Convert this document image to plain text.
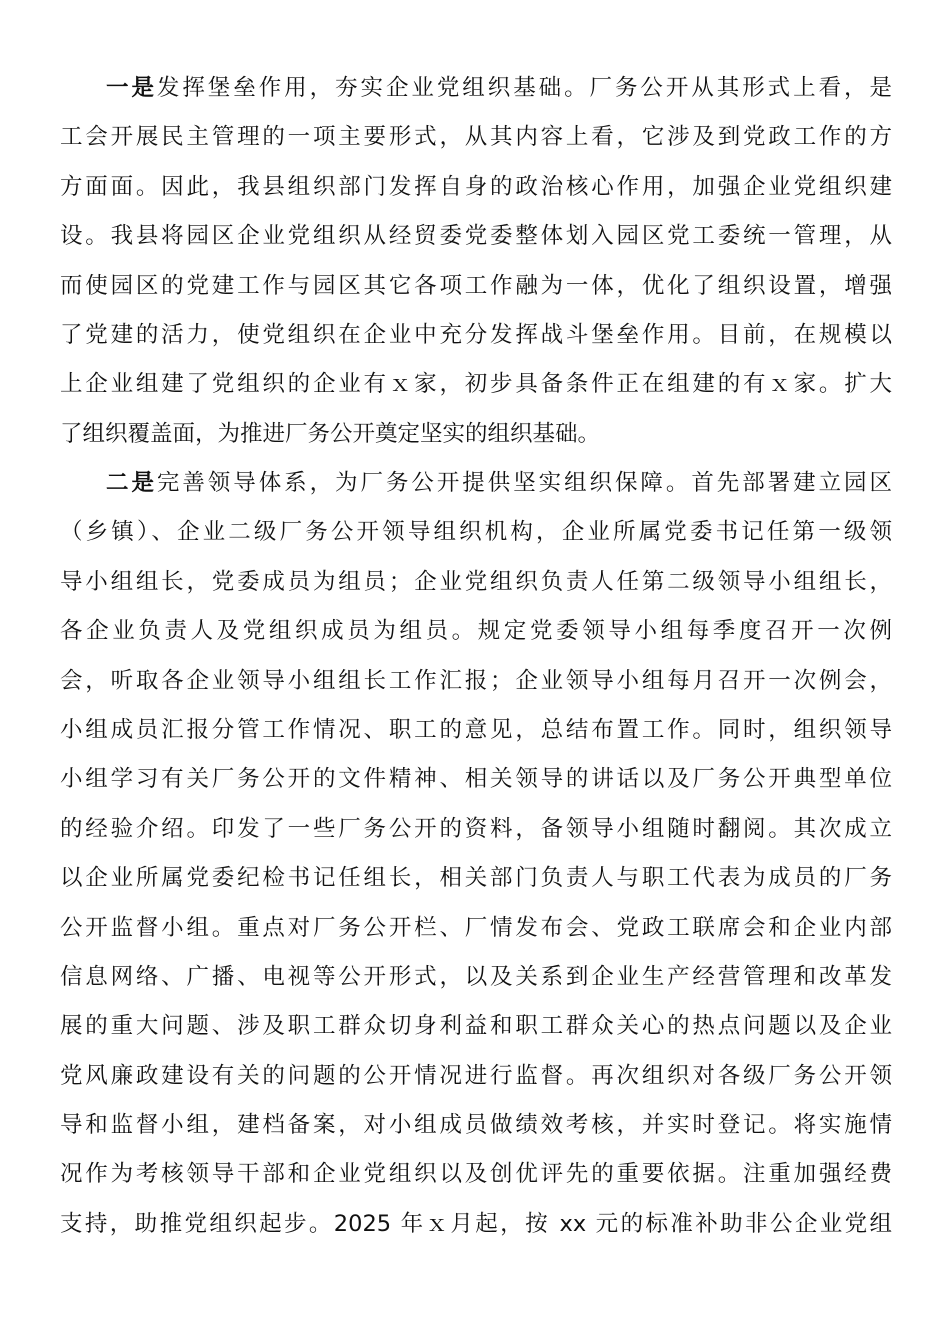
一是发挥堡垒作用，夯实企业党组织基础。厂务公开从其形式上看，是
工会开展民主管理的一项主要形式，从其内容上看，它涉及到党政工作的方
方面面。因此，我县组织部门发挥自身的政治核心作用，加强企业党组织建
设。我县将园区企业党组织从经贸委党委整体划入园区党工委统一管理，从
而使园区的党建工作与园区其它各项工作融为一体，优化了组织设置，增强
了党建的活力，使党组织在企业中充分发挥战斗堡垒作用。目前，在规模以
上企业组建了党组织的企业有ｘ家，初步具备条件正在组建的有ｘ家。扩大
了组织覆盖面，为推进厂务公开奠定坚实的组织基础。
二是完善领导体系，为厂务公开提供坚实组织保障。首先部署建立园区
（乡镇）、企业二级厂务公开领导组织机构，企业所属党委书记任第一级领
导小组组长，党委成员为组员；企业党组织负责人任第二级领导小组组长，
各企业负责人及党组织成员为组员。规定党委领导小组每季度召开一次例
会，听取各企业领导小组组长工作汇报；企业领导小组每月召开一次例会，
小组成员汇报分管工作情况、职工的意见，总结布置工作。同时，组织领导
小组学习有关厂务公开的文件精神、相关领导的讲话以及厂务公开典型单位
的经验介绍。印发了一些厂务公开的资料，备领导小组随时翻阅。其次成立
以企业所属党委纪检书记任组长，相关部门负责人与职工代表为成员的厂务
公开监督小组。重点对厂务公开栏、厂情发布会、党政工联席会和企业内部
信息网络、广播、电视等公开形式，以及关系到企业生产经营管理和改革发
展的重大问题、涉及职工群众切身利益和职工群众关心的热点问题以及企业
党风廉政建设有关的问题的公开情况进行监督。再次组织对各级厂务公开领
导和监督小组，建档备案，对小组成员做绩效考核，并实时登记。将实施情
况作为考核领导干部和企业党组织以及创优评先的重要依据。注重加强经费
支持，助推党组织起步。2025 年ｘ月起，按 xx 元的标准补助非公企业党组
